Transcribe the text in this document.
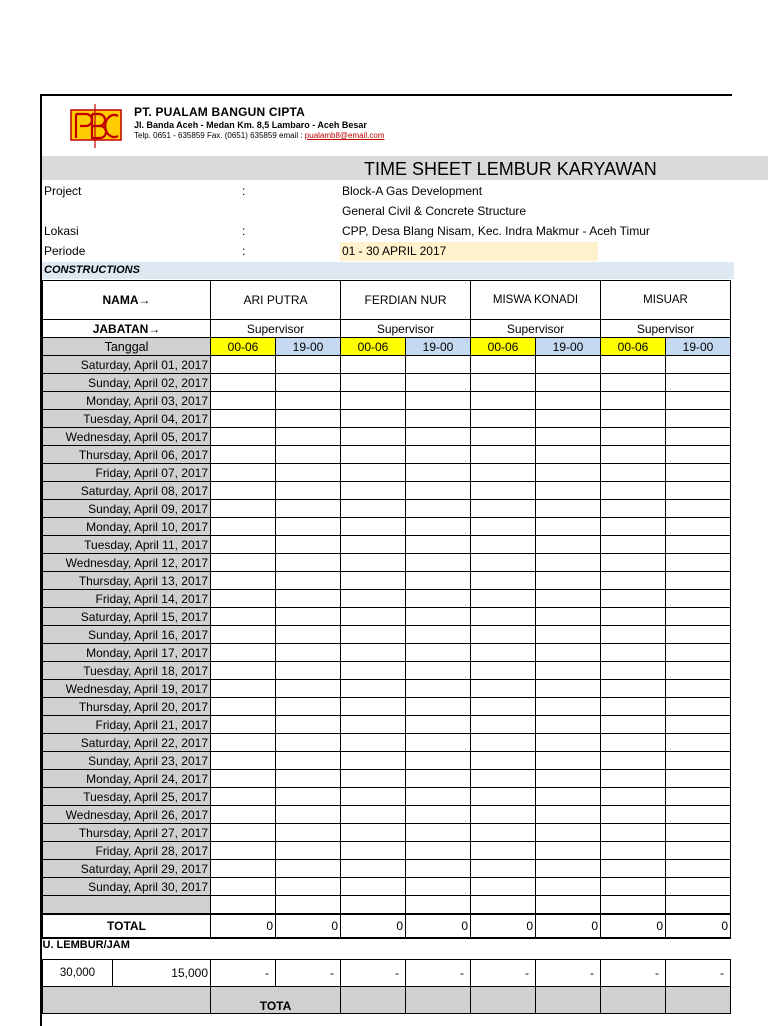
PT. PUALAM BANGUN CIPTA
Jl. Banda Aceh - Medan Km. 8,5 Lambaro - Aceh Besar
Telp. 0651 - 635859 Fax. (0651) 635859 email : pualamb8@email.com
TIME SHEET LEMBUR KARYAWAN
Project	:	Block-A Gas Development
General Civil & Concrete Structure
Lokasi	:	CPP, Desa Blang Nisam, Kec. Indra Makmur - Aceh Timur
Periode	:	01 - 30 APRIL 2017
CONSTRUCTIONS
NAMA→		ARI PUTRA		FERDIAN NUR		MISWA KONADI		MISUAR	
JABATAN→		Supervisor		Supervisor		Supervisor		Supervisor	
Tanggal		00-06	19-00	00-06	19-00	00-06	19-00	00-06	19-00
Saturday, April 01, 2017									
Sunday, April 02, 2017									
Monday, April 03, 2017									
Tuesday, April 04, 2017									
Wednesday, April 05, 2017									
Thursday, April 06, 2017									
Friday, April 07, 2017									
Saturday, April 08, 2017									
Sunday, April 09, 2017									
Monday, April 10, 2017									
Tuesday, April 11, 2017									
Wednesday, April 12, 2017									
Thursday, April 13, 2017									
Friday, April 14, 2017									
Saturday, April 15, 2017									
Sunday, April 16, 2017									
Monday, April 17, 2017									
Tuesday, April 18, 2017									
Wednesday, April 19, 2017									
Thursday, April 20, 2017									
Friday, April 21, 2017									
Saturday, April 22, 2017									
Sunday, April 23, 2017									
Monday, April 24, 2017									
Tuesday, April 25, 2017									
Wednesday, April 26, 2017									
Thursday, April 27, 2017									
Friday, April 28, 2017									
Saturday, April 29, 2017									
Sunday, April 30, 2017									

TOTAL		0	0	0	0	0	0	0	0
U. LEMBUR/JAM									
30,000	15,000	-	-	-	-	-	-	-	-
		TOTA							
